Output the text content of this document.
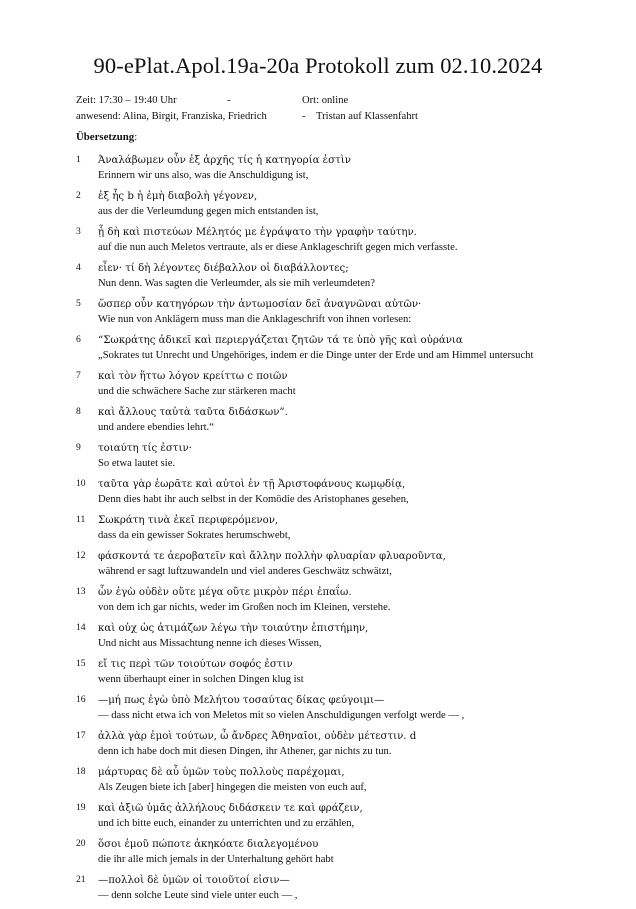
90-ePlat.Apol.19a-20a Protokoll zum 02.10.2024
Zeit: 17:30 – 19:40 Uhr	-	Ort: online
anwesend: Alina, Birgit, Franziska, Friedrich	- Tristan auf Klassenfahrt
Übersetzung:
1	Ἀναλάβωμεν οὖν ἐξ ἀρχῆς τίς ἡ κατηγορία ἐστὶν
Erinnern wir uns also, was die Anschuldigung ist,
2	ἐξ ἧς b ἡ ἐμὴ διαβολὴ γέγονεν,
aus der die Verleumdung gegen mich entstanden ist,
3	ᾗ δὴ καὶ πιστεύων Μέλητός με ἐγράψατο τὴν γραφὴν ταύτην.
auf die nun auch Meletos vertraute, als er diese Anklageschrift gegen mich verfasste.
4	εἶεν· τί δὴ λέγοντες διέβαλλον οἱ διαβάλλοντες;
Nun denn. Was sagten die Verleumder, als sie mih verleumdeten?
5	ὥσπερ οὖν κατηγόρων τὴν ἀντωμοσίαν δεῖ ἀναγνῶναι αὐτῶν·
Wie nun von Anklägern muss man die Anklageschrift von ihnen vorlesen:
6	“Σωκράτης ἀδικεῖ καὶ περιεργάζεται ζητῶν τά τε ὑπὸ γῆς καὶ οὐράνια
„Sokrates tut Unrecht und Ungehöriges, indem er die Dinge unter der Erde und am Himmel untersucht
7	καὶ τὸν ἥττω λόγον κρείττω c ποιῶν
und die schwächere Sache zur stärkeren macht
8	καὶ ἄλλους ταὐτὰ ταῦτα διδάσκων”.
und andere ebendies lehrt.“
9	τοιαύτη τίς ἐστιν·
So etwa lautet sie.
10	ταῦτα γὰρ ἑωρᾶτε καὶ αὐτοὶ ἐν τῇ Ἀριστοφάνους κωμῳδίᾳ,
Denn dies habt ihr auch selbst in der Komödie des Aristophanes gesehen,
11	Σωκράτη τινὰ ἐκεῖ περιφερόμενον,
dass da ein gewisser Sokrates herumschwebt,
12	φάσκοντά τε ἀεροβατεῖν καὶ ἄλλην πολλὴν φλυαρίαν φλυαροῦντα,
während er sagt luftzuwandeln und viel anderes Geschwätz schwätzt,
13	ὧν ἐγὼ οὐδὲν οὔτε μέγα οὔτε μικρὸν πέρι ἐπαΐω.
von dem ich gar nichts, weder im Großen noch im Kleinen, verstehe.
14	καὶ οὐχ ὡς ἀτιμάζων λέγω τὴν τοιαύτην ἐπιστήμην,
Und nicht aus Missachtung nenne ich dieses Wissen,
15	εἴ τις περὶ τῶν τοιούτων σοφός ἐστιν
wenn überhaupt einer in solchen Dingen klug ist
16	—μή πως ἐγὼ ὑπὸ Μελήτου τοσαύτας δίκας φεύγοιμι—
— dass nicht etwa ich von Meletos mit so vielen Anschuldigungen verfolgt werde — ,
17	ἀλλὰ γὰρ ἐμοὶ τούτων, ὦ ἄνδρες Ἀθηναῖοι, οὐδὲν μέτεστιν. d
denn ich habe doch mit diesen Dingen, ihr Athener, gar nichts zu tun.
18	μάρτυρας δὲ αὖ ὑμῶν τοὺς πολλοὺς παρέχομαι,
Als Zeugen biete ich [aber] hingegen die meisten von euch auf,
19	καὶ ἀξιῶ ὑμᾶς ἀλλήλους διδάσκειν τε καὶ φράζειν,
und ich bitte euch, einander zu unterrichten und zu erzählen,
20	ὅσοι ἐμοῦ πώποτε ἀκηκόατε διαλεγομένου
die ihr alle mich jemals in der Unterhaltung gehört habt
21	—πολλοὶ δὲ ὑμῶν οἱ τοιοῦτοί εἰσιν—
— denn solche Leute sind viele unter euch — ,
